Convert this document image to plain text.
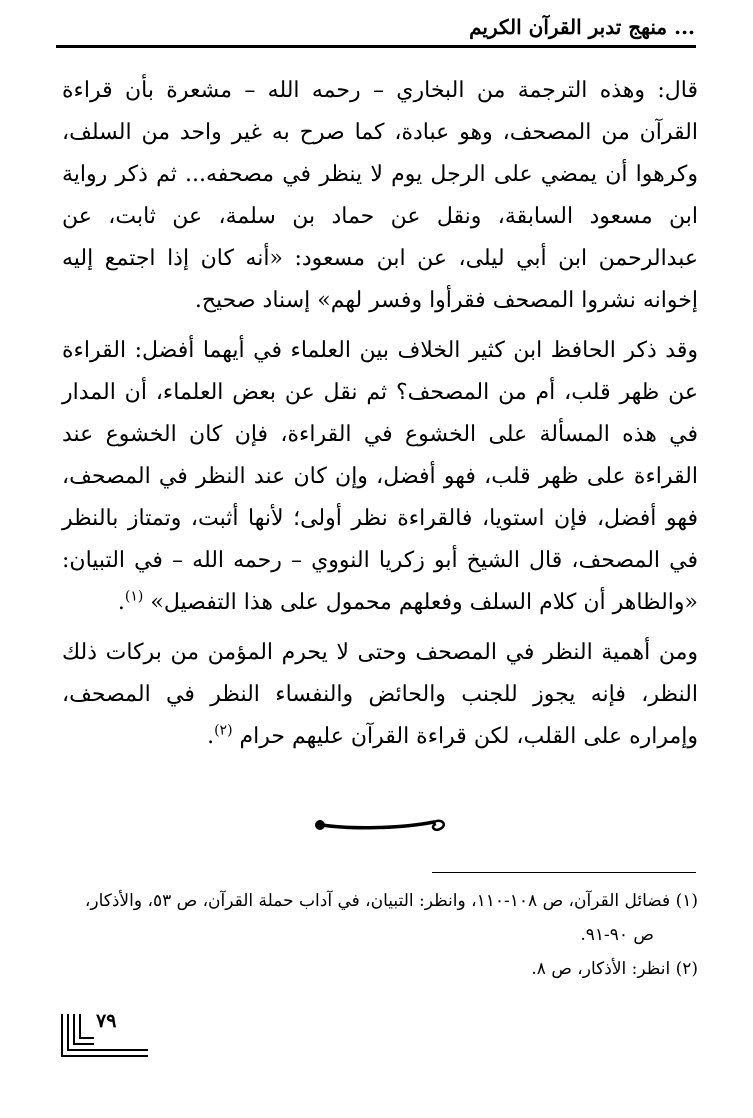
... منهج تدبر القرآن الكريم

قال: وهذه الترجمة من البخاري – رحمه الله – مشعرة بأن قراءة القرآن من المصحف، وهو عبادة، كما صرح به غير واحد من السلف، وكرهوا أن يمضي على الرجل يوم لا ينظر في مصحفه... ثم ذكر رواية ابن مسعود السابقة، ونقل عن حماد بن سلمة، عن ثابت، عن عبدالرحمن ابن أبي ليلى، عن ابن مسعود: «أنه كان إذا اجتمع إليه إخوانه نشروا المصحف فقرأوا وفسر لهم» إسناد صحيح.

وقد ذكر الحافظ ابن كثير الخلاف بين العلماء في أيهما أفضل: القراءة عن ظهر قلب، أم من المصحف؟ ثم نقل عن بعض العلماء، أن المدار في هذه المسألة على الخشوع في القراءة، فإن كان الخشوع عند القراءة على ظهر قلب، فهو أفضل، وإن كان عند النظر في المصحف، فهو أفضل، فإن استويا، فالقراءة نظر أولى؛ لأنها أثبت، وتمتاز بالنظر في المصحف، قال الشيخ أبو زكريا النووي – رحمه الله – في التبيان: «والظاهر أن كلام السلف وفعلهم محمول على هذا التفصيل» $^{(١)}$.

ومن أهمية النظر في المصحف وحتى لا يحرم المؤمن من بركات ذلك النظر، فإنه يجوز للجنب والحائض والنفساء النظر في المصحف، وإمراره على القلب، لكن قراءة القرآن عليهم حرام $^{(٢)}$.

(١) فضائل القرآن، ص ١٠٨-١١٠، وانظر: التبيان، في آداب حملة القرآن، ص ٥٣، والأذكار، ص ٩٠-٩١.

(٢) انظر: الأذكار، ص ٨.

٧٩
